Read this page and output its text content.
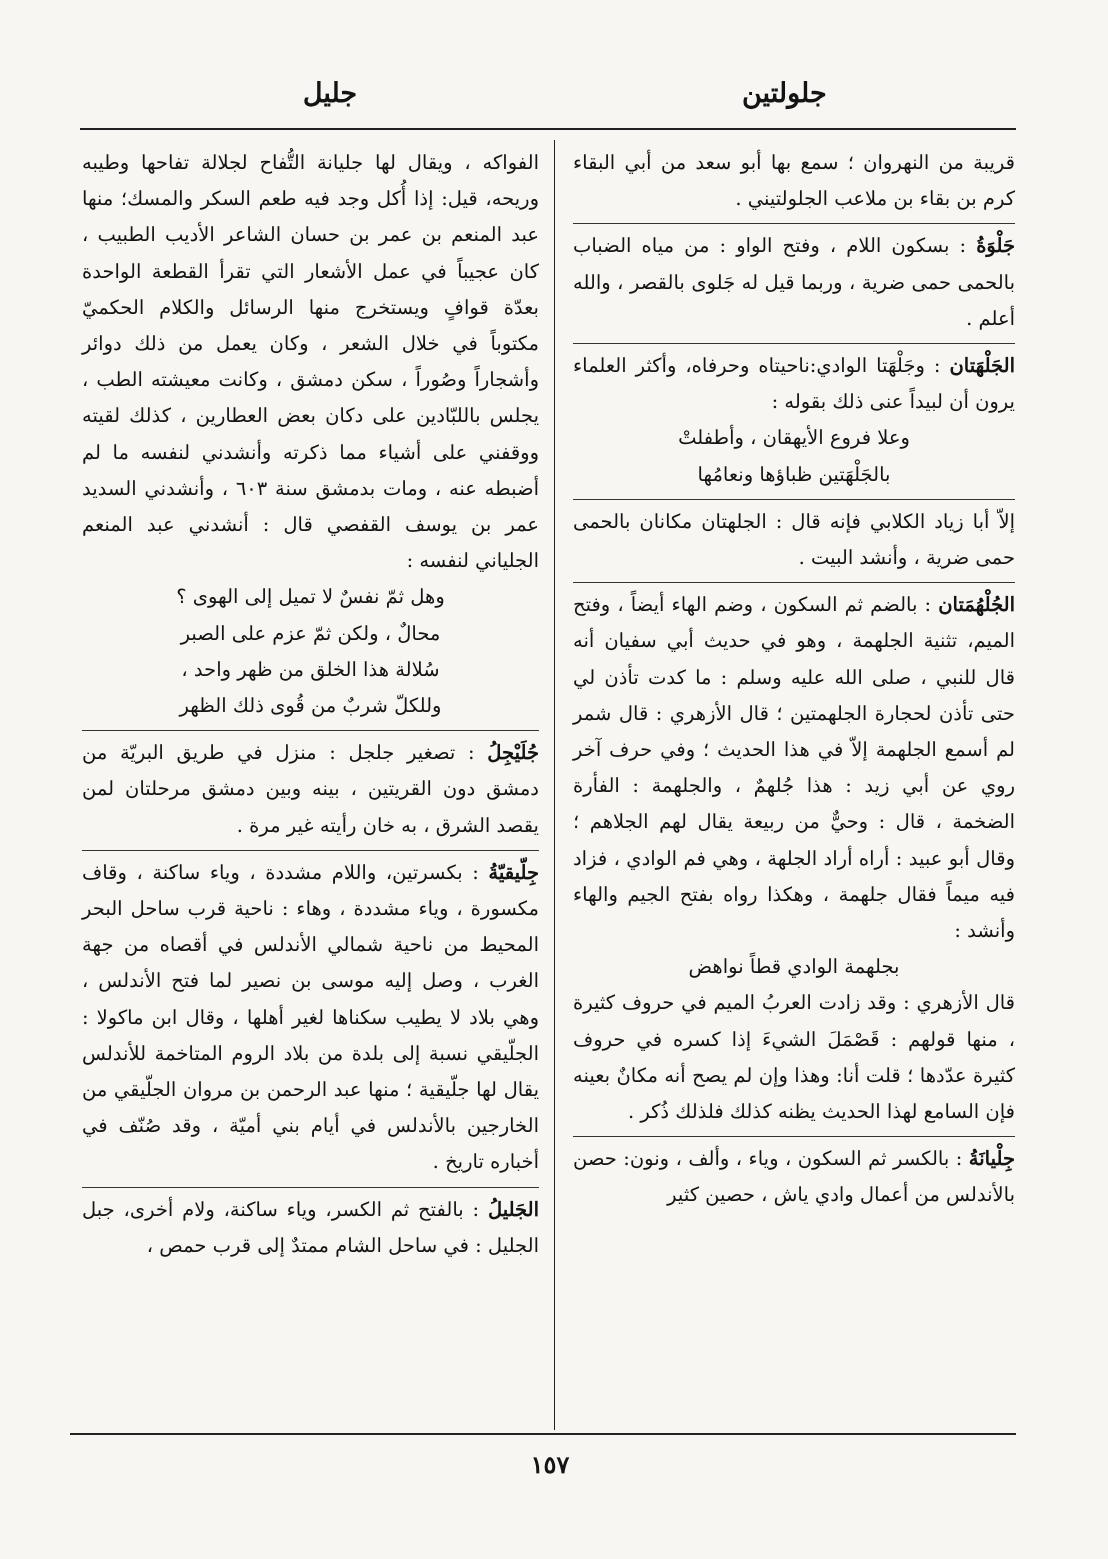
جلولتين
جليل

قريبة من النهروان ؛ سمع بها أبو سعد من أبي البقاء كرم بن بقاء بن ملاعب الجلولتيني .

جَلْوَةُ : بسكون اللام ، وفتح الواو : من مياه الضباب بالحمى حمى ضرية ، وربما قيل له جَلوى بالقصر ، والله أعلم .
الجَلْهَتان : وجَلْهَتا الوادي:ناحيتاه وحرفاه، وأكثر العلماء يرون أن لبيداً عنى ذلك بقوله :

وعلا فروع الأيهقان ، وأطفلتْ

بالجَلْهَتين ظباؤها ونعامُها

إلاّ أبا زياد الكلابي فإنه قال : الجلهتان مكانان بالحمى حمى ضرية ، وأنشد البيت .

الجُلْهُمَتان : بالضم ثم السكون ، وضم الهاء أيضاً ، وفتح الميم، تثنية الجلهمة ، وهو في حديث أبي سفيان أنه قال للنبي ، صلى الله عليه وسلم : ما كدت تأذن لي حتى تأذن لحجارة الجلهمتين ؛ قال الأزهري : قال شمر لم أسمع الجلهمة إلاّ في هذا الحديث ؛ وفي حرف آخر روي عن أبي زيد : هذا جُلهمٌ ، والجلهمة : الفأرة الضخمة ، قال : وحيٌّ من ربيعة يقال لهم الجلاهم ؛ وقال أبو عبيد : أراه أراد الجلهة ، وهي فم الوادي ، فزاد فيه ميماً فقال جلهمة ، وهكذا رواه بفتح الجيم والهاء وأنشد :

بجلهمة الوادي قطاً نواهض

قال الأزهري : وقد زادت العربُ الميم في حروف كثيرة ، منها قولهم : قَصْمَلَ الشيءَ إذا كسره في حروف كثيرة عدّدها ؛ قلت أنا: وهذا وإن لم يصح أنه مكانٌ بعينه فإن السامع لهذا الحديث يظنه كذلك فلذلك ذُكر .

جِلْيانَةُ : بالكسر ثم السكون ، وياء ، وألف ، ونون: حصن بالأندلس من أعمال وادي ياش ، حصين كثير

الفواكه ، ويقال لها جليانة التُّفاح لجلالة تفاحها وطيبه وريحه، قيل: إذا أُكل وجد فيه طعم السكر والمسك؛ منها عبد المنعم بن عمر بن حسان الشاعر الأديب الطبيب ، كان عجيباً في عمل الأشعار التي تقرأ القطعة الواحدة بعدّة قوافٍ ويستخرج منها الرسائل والكلام الحكميّ مكتوباً في خلال الشعر ، وكان يعمل من ذلك دوائر وأشجاراً وصُوراً ، سكن دمشق ، وكانت معيشته الطب ، يجلس باللبّادين على دكان بعض العطارين ، كذلك لقيته ووقفني على أشياء مما ذكرته وأنشدني لنفسه ما لم أضبطه عنه ، ومات بدمشق سنة ٦٠٣ ، وأنشدني السديد عمر بن يوسف القفصي قال : أنشدني عبد المنعم الجلياني لنفسه :

وهل ثمّ نفسٌ لا تميل إلى الهوى ؟

محالٌ ، ولكن ثمّ عزم على الصبر

سُلالة هذا الخلق من ظهر واحد ،

وللكلّ شربٌ من قُوى ذلك الظهر

جُلَيْجِلُ : تصغير جلجل : منزل في طريق البريّة من دمشق دون القريتين ، بينه وبين دمشق مرحلتان لمن يقصد الشرق ، به خان رأيته غير مرة .
جِلّيقيّةُ : بكسرتين، واللام مشددة ، وياء ساكنة ، وقاف مكسورة ، وياء مشددة ، وهاء : ناحية قرب ساحل البحر المحيط من ناحية شمالي الأندلس في أقصاه من جهة الغرب ، وصل إليه موسى بن نصير لما فتح الأندلس ، وهي بلاد لا يطيب سكناها لغير أهلها ، وقال ابن ماكولا : الجلّيقي نسبة إلى بلدة من بلاد الروم المتاخمة للأندلس يقال لها جلّيقية ؛ منها عبد الرحمن بن مروان الجلّيقي من الخارجين بالأندلس في أيام بني أميّة ، وقد صُنّف في أخباره تاريخ .
الجَليلُ : بالفتح ثم الكسر، وياء ساكنة، ولام أخرى، جبل الجليل : في ساحل الشام ممتدٌ إلى قرب حمص ،
١٥٧
